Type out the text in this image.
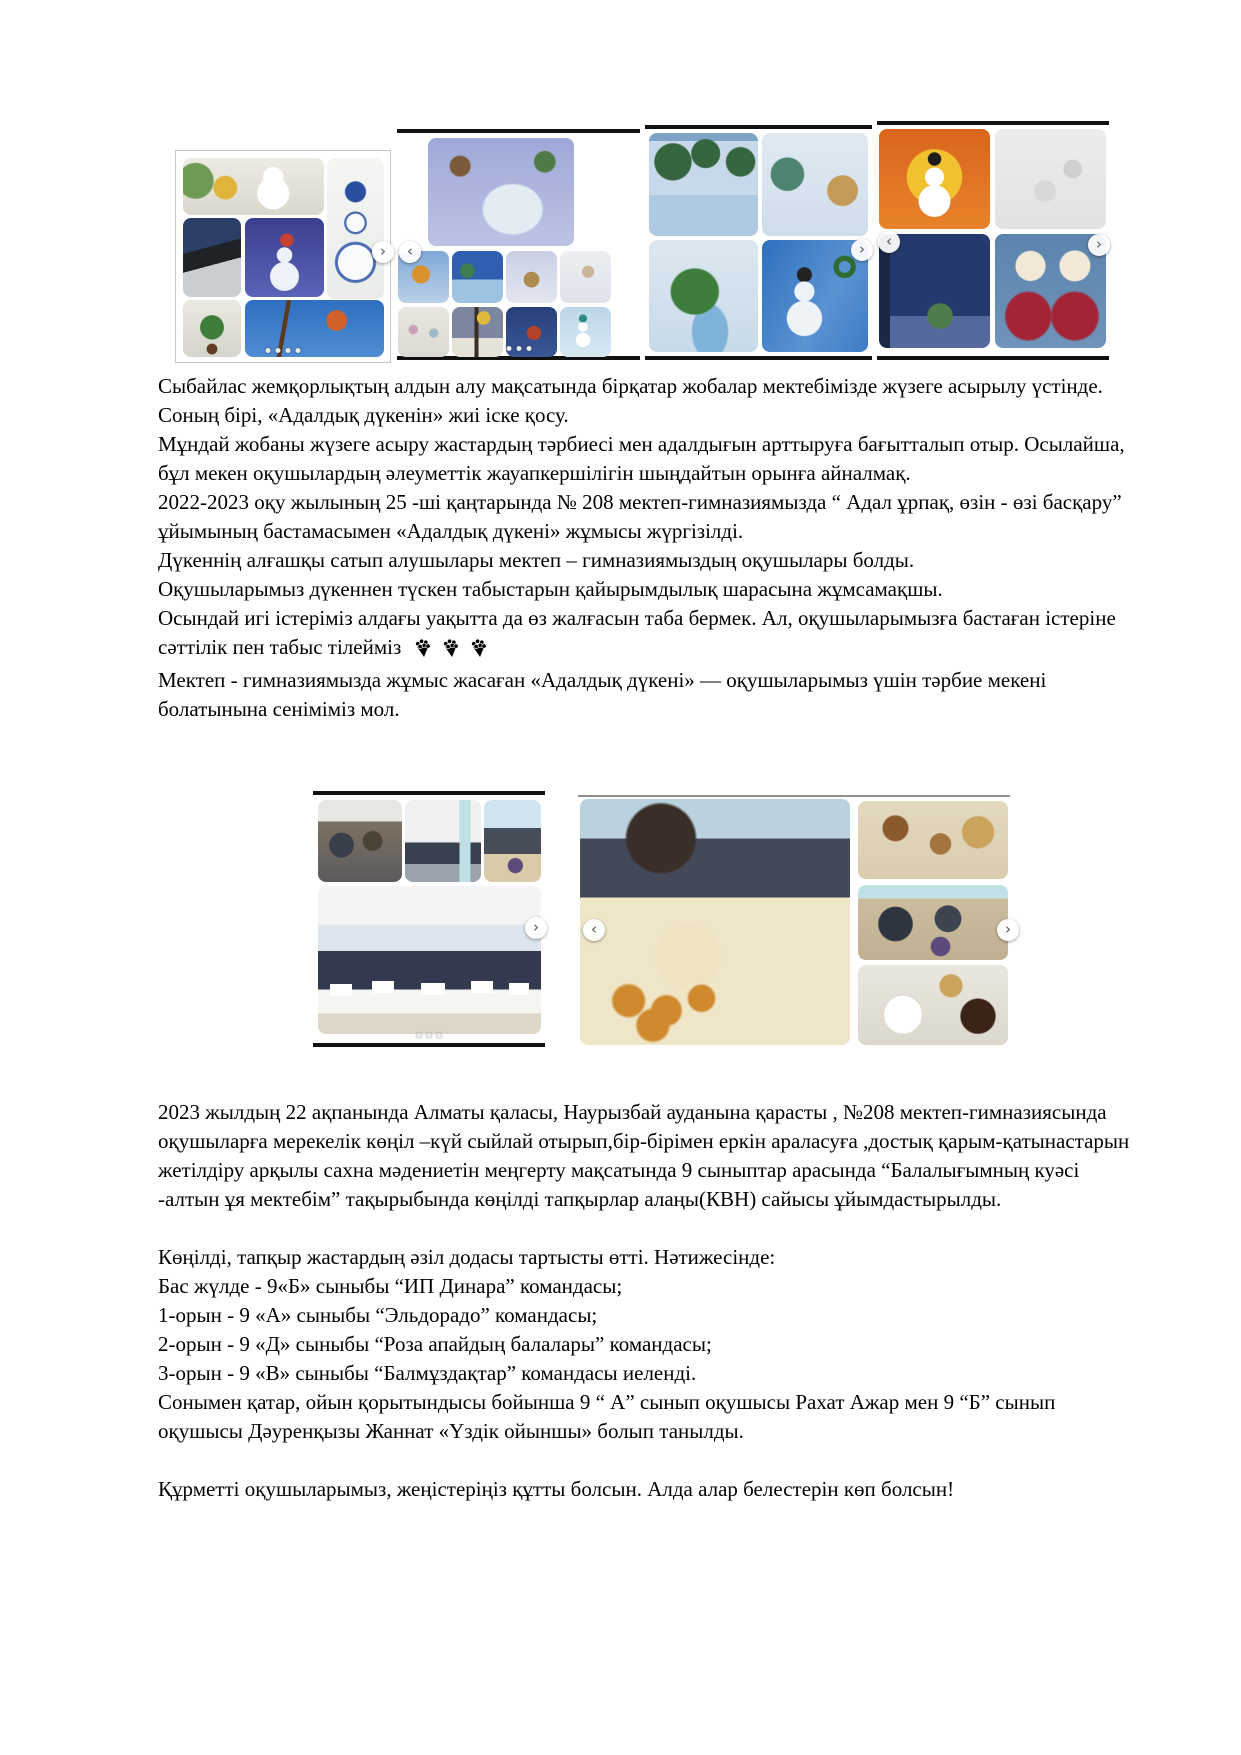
Сыбайлас жемқорлықтың алдын алу мақсатында бірқатар жобалар мектебімізде жүзеге асырылу үстінде. Соның бірі, «Адалдық дүкенін» жиі іске қосу.

Мұндай жобаны жүзеге асыру жастардың тәрбиесі мен адалдығын арттыруға бағытталып отыр. Осылайша, бұл мекен оқушылардың әлеуметтік жауапкершілігін шыңдайтын орынға айналмақ.

2022-2023 оқу жылының 25 -ші қаңтарында № 208 мектеп-гимназиямызда “ Адал ұрпақ, өзін - өзі басқару” ұйымының бастамасымен «Адалдық дүкені» жұмысы жүргізілді.

Дүкеннің алғашқы сатып алушылары мектеп – гимназиямыздың оқушылары болды.

Оқушыларымыз дүкеннен түскен табыстарын қайырымдылық шарасына жұмсамақшы.

Осындай игі істеріміз алдағы уақытта да өз жалғасын таба бермек. Ал, оқушыларымызға бастаған істеріне сәттілік пен табыс тілейміз

Мектеп - гимназиямызда жұмыс жасаған «Адалдық дүкені» — оқушыларымыз үшін тәрбие мекені болатынына сеніміміз мол.

2023 жылдың 22 ақпанында Алматы қаласы, Наурызбай ауданына қарасты , №208 мектеп-гимназиясында оқушыларға мерекелік көңіл –күй сыйлай отырып,бір-бірімен еркін араласуға ,достық қарым-қатынастарын жетілдіру арқылы сахна мәдениетін меңгерту мақсатында 9 сыныптар арасында “Балалығымның куәсі -алтын ұя мектебім” тақырыбында көңілді тапқырлар алаңы(КВН) сайысы ұйымдастырылды.

Көңілді, тапқыр жастардың әзіл додасы тартысты өтті. Нәтижесінде:

Бас жүлде - 9«Б» сыныбы “ИП Динара” командасы;

1-орын - 9 «А» сыныбы “Эльдорадо” командасы;

2-орын - 9 «Д» сыныбы “Роза апайдың балалары” командасы;

3-орын - 9 «В» сыныбы “Балмұздақтар” командасы иеленді.

Сонымен қатар, ойын қорытындысы бойынша 9 “ А” сынып оқушысы Рахат Ажар мен 9 “Б” сынып оқушысы Дәуренқызы Жаннат «Үздік ойыншы» болып танылды.

Құрметті оқушыларымыз, жеңістеріңіз құтты болсын. Алда алар белестерін көп болсын!

›	‹	›	‹	›
›	‹	›
